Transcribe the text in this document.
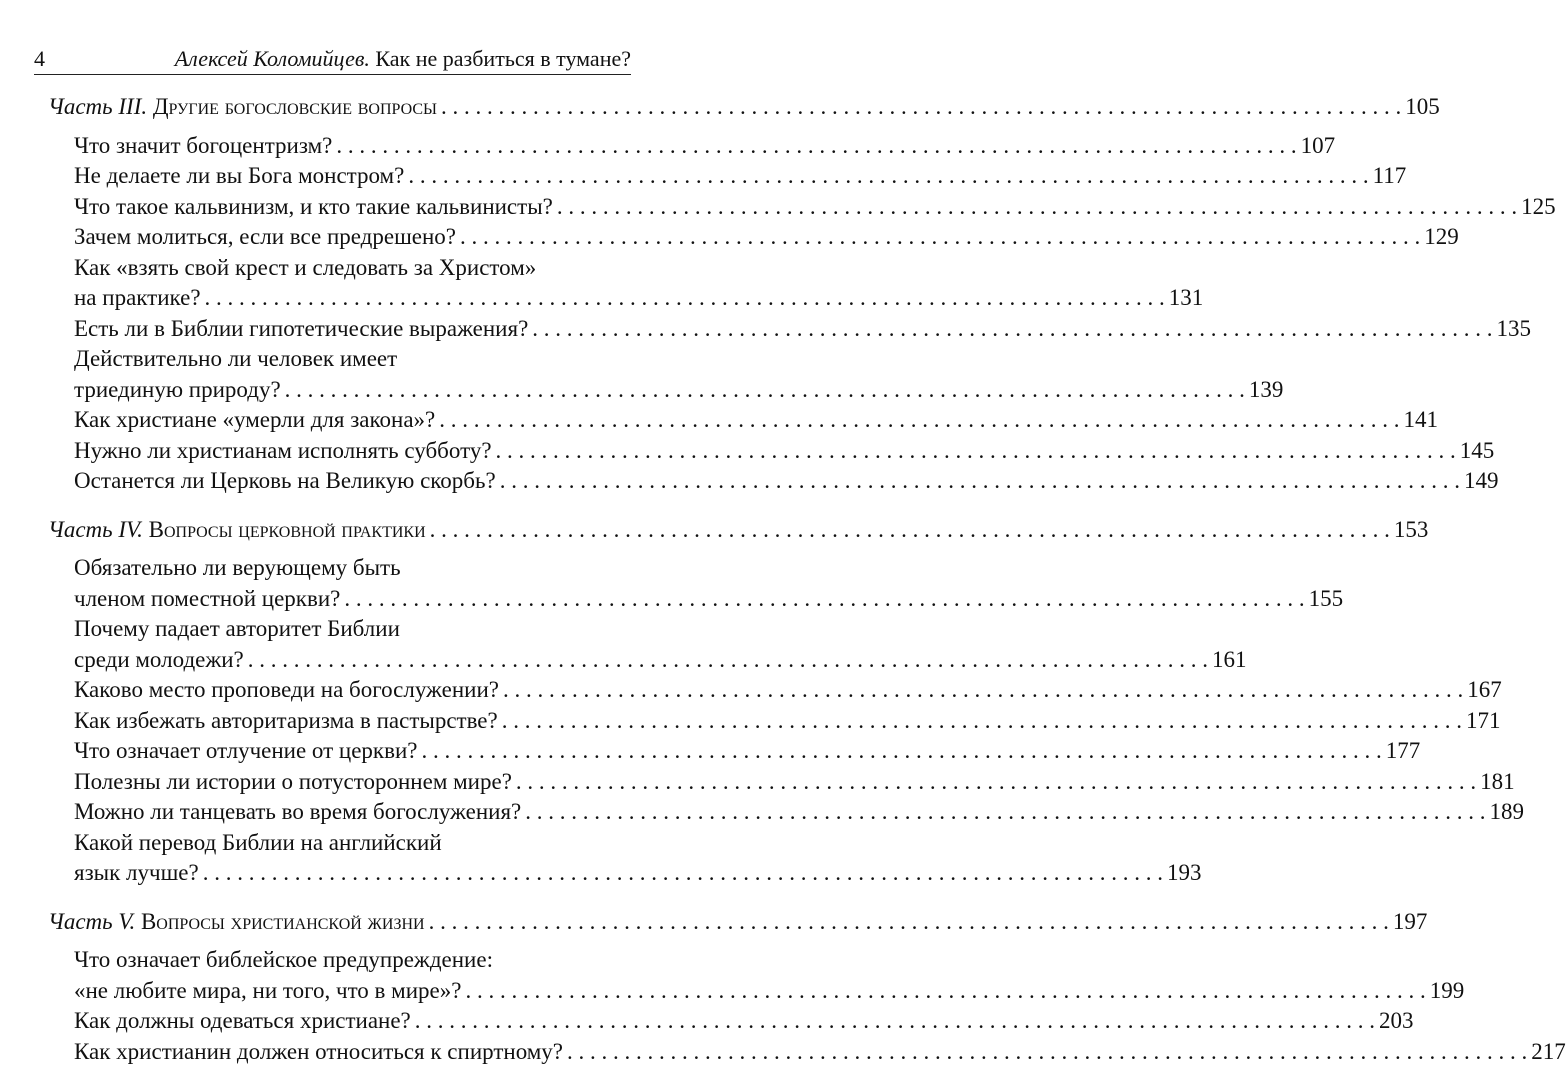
4	Алексей Коломийцев. Как не разбиться в тумане?
Часть III. Другие богословские вопросы . . .	105
Что значит богоцентризм? . . .	107
Не делаете ли вы Бога монстром? . . .	117
Что такое кальвинизм, и кто такие кальвинисты? . . .	125
Зачем молиться, если все предрешено? . . .	129
Как «взять свой крест и следовать за Христом»
на практике? . . .	131
Есть ли в Библии гипотетические выражения? . . .	135
Действительно ли человек имеет
триединую природу? . . .	139
Как христиане «умерли для закона»? . . .	141
Нужно ли христианам исполнять субботу? . . .	145
Останется ли Церковь на Великую скорбь? . . .	149
Часть IV. Вопросы церковной практики . . .	153
Обязательно ли верующему быть
членом поместной церкви? . . .	155
Почему падает авторитет Библии
среди молодежи? . . .	161
Каково место проповеди на богослужении? . . .	167
Как избежать авторитаризма в пастырстве? . . .	171
Что означает отлучение от церкви? . . .	177
Полезны ли истории о потустороннем мире? . . .	181
Можно ли танцевать во время богослужения? . . .	189
Какой перевод Библии на английский
язык лучше? . . .	193
Часть V. Вопросы христианской жизни . . .	197
Что означает библейское предупреждение:
«не любите мира, ни того, что в мире»? . . .	199
Как должны одеваться христиане? . . .	203
Как христианин должен относиться к спиртному? . . .	217
